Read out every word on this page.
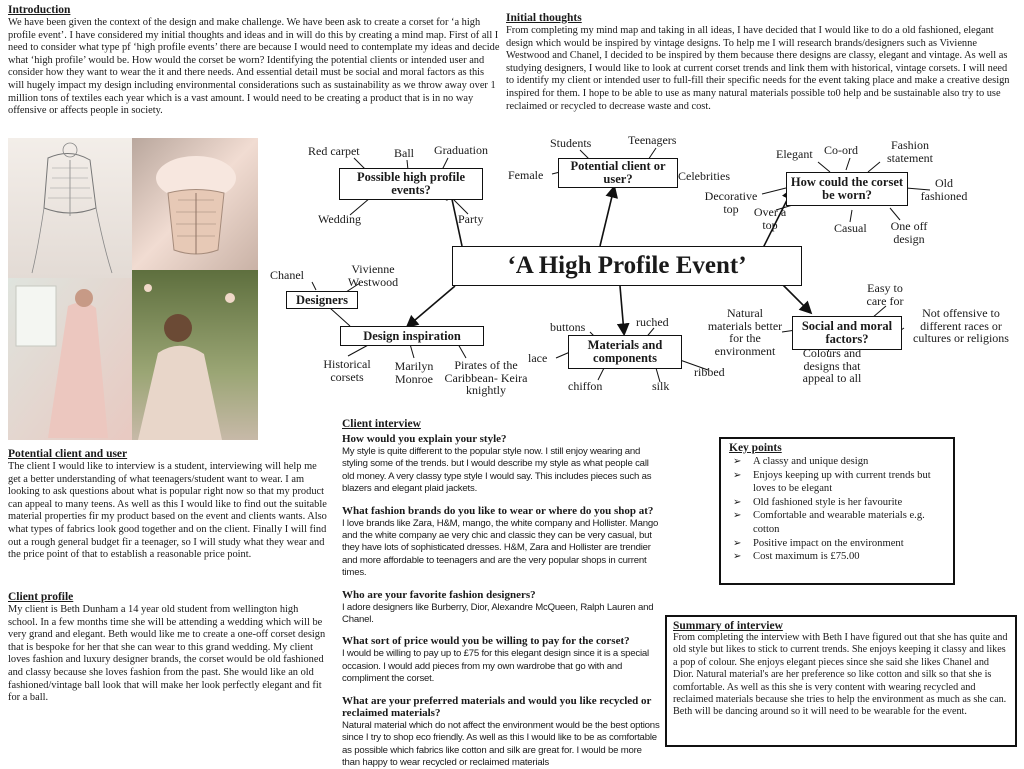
Introduction
We have been given the context of the design and make challenge. We have been ask to create a corset for ‘a high profile event’. I have considered my initial thoughts and ideas and in will do this by creating a mind map. First of all I need to consider what type pf ‘high profile events’ there are because I would need to contemplate my ideas and decide what ‘high profile’ would be. How would the corset be worn? Identifying the potential clients or intended user and consider how they want to wear the it and there needs. And essential detail must be social and moral factors as this will hugely impact my design including environmental considerations such as sustainability as we throw away over 1 million tons of textiles each year which is a vast amount. I would need to be creating a product that is in no way offensive or affects people in society.
Initial thoughts
From completing my mind map and taking in all ideas, I have decided that I would like to do a old fashioned, elegant design which would be inspired by vintage designs. To help me I will research brands/designers such as Vivienne Westwood and Chanel, I decided to be inspired by them because there designs are classy, elegant and vintage. As well as studying designers, I would like to look at current corset trends and link them with historical, vintage corsets. I will need to identify my client or intended user to full-fill their specific needs for the event taking place and make a creative design inspired for them. I hope to be able to use as many natural materials possible to0 help and be sustainable also try to use reclaimed or recycled to decrease waste and cost.
‘A High Profile Event’
Possible high profile events?
Potential client or user?	How could the corset be worn?
Designers
Design inspiration
Materials and components
Social and moral factors?
Red carpet	Ball Graduation
Wedding	Party
Students	Teenagers
Female	Celebrities
Elegant Co-ord	Fashion statement
Decorative top
Old fashioned
Over a top	Casual	One off design
Chanel	Vivienne Westwood
Historical corsets
Marilyn Monroe
Pirates of the Caribbean- Keira knightly
buttons	ruched
lace
chiffon	silk
ribbed
Natural materials better for the environment
Easy to care for
Not offensive to different races or cultures or religions
Colours and designs that appeal to all
Potential client and user
The client I would like to interview is a student, interviewing will help me get a better understanding of what teenagers/student want to wear. I am looking to ask questions about what is popular right now so that my product can appeal to many teens. As well as this I would like to find out the suitable material properties fir my product based on the event and clients wants. Also what types of fabrics look good together and on the client. Finally I will find out a rough general budget fir a teenager, so I will study what they wear and the price point of that to establish a reasonable price point.
Client profile
My client is Beth Dunham a 14 year old student from wellington high school. In a few months time she will be attending a wedding which will be very grand and elegant. Beth would like me to create a one-off corset design that is bespoke for her that she can wear to this grand wedding. My client loves fashion and luxury designer brands, the corset would be old fashioned and classy because she loves fashion from the past. She would like an old fashioned/vintage ball look that will make her look perfectly elegant and fit for a ball.
Client interview
How would you explain your style?
My style is quite different to the popular style now. I still enjoy wearing and styling some of the trends. but I would describe my style as what people call old money. A very classy type style I would say. This includes pieces such as blazers and elegant plaid jackets.
What fashion brands do you like to wear or where do you shop at?
I love brands like Zara, H&M, mango, the white company and Hollister. Mango and the white company ae very chic and classic they can be very casual, but they have lots of sophisticated dresses. H&M, Zara and Hollister are trendier and more affordable to teenagers and are the very popular shops in current times.
Who are your favorite fashion designers?
I adore designers like Burberry, Dior, Alexandre McQueen, Ralph Lauren and Chanel.
What sort of price would you be willing to pay for the corset?
I would be willing to pay up to £75 for this elegant design since it is a special occasion. I would add pieces from my own wardrobe that go with and compliment the corset.
What are your preferred materials and would you like recycled or reclaimed materials?
Natural material which do not affect the environment would be the best options since I try to shop eco friendly. As well as this I would like to be as comfortable as possible which fabrics like cotton and silk are great for. I would be more than happy to wear recycled or reclaimed materials
Key points
➢ A classy and unique design
➢ Enjoys keeping up with current trends but loves to be elegant
➢ Old fashioned style is her favourite
➢ Comfortable and wearable materials e.g. cotton
➢ Positive impact on the environment
➢ Cost maximum is £75.00
Summary of interview
From completing the interview with Beth I have figured out that she has quite and old style but likes to stick to current trends. She enjoys keeping it classy and likes a pop of colour. She enjoys elegant pieces since she said she likes Chanel and Dior. Natural material's are her preference so like cotton and silk so that she is comfortable. As well as this she is very content with wearing recycled and reclaimed materials because she tries to help the environment as much as she can. Beth will be dancing around so it will need to be wearable for the event.
